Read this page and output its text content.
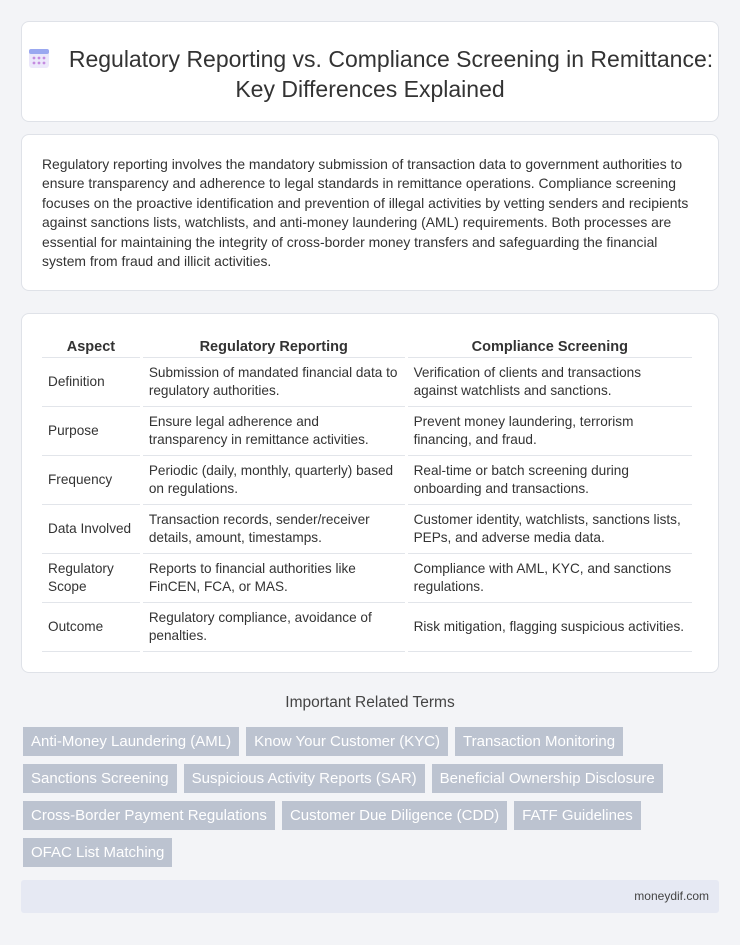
Regulatory Reporting vs. Compliance Screening in Remittance: Key Differences Explained

Regulatory reporting involves the mandatory submission of transaction data to government authorities to ensure transparency and adherence to legal standards in remittance operations. Compliance screening focuses on the proactive identification and prevention of illegal activities by vetting senders and recipients against sanctions lists, watchlists, and anti-money laundering (AML) requirements. Both processes are essential for maintaining the integrity of cross-border money transfers and safeguarding the financial system from fraud and illicit activities.

Aspect	Regulatory Reporting	Compliance Screening
Definition	Submission of mandated financial data to regulatory authorities.	Verification of clients and transactions against watchlists and sanctions.
Purpose	Ensure legal adherence and transparency in remittance activities.	Prevent money laundering, terrorism financing, and fraud.
Frequency	Periodic (daily, monthly, quarterly) based on regulations.	Real-time or batch screening during onboarding and transactions.
Data Involved	Transaction records, sender/receiver details, amount, timestamps.	Customer identity, watchlists, sanctions lists, PEPs, and adverse media data.
Regulatory Scope	Reports to financial authorities like FinCEN, FCA, or MAS.	Compliance with AML, KYC, and sanctions regulations.
Outcome	Regulatory compliance, avoidance of penalties.	Risk mitigation, flagging suspicious activities.
Important Related Terms
Anti-Money Laundering (AML)	Know Your Customer (KYC)	Transaction Monitoring
Sanctions Screening	Suspicious Activity Reports (SAR)	Beneficial Ownership Disclosure
Cross-Border Payment Regulations	Customer Due Diligence (CDD)	FATF Guidelines
OFAC List Matching
moneydif.com
